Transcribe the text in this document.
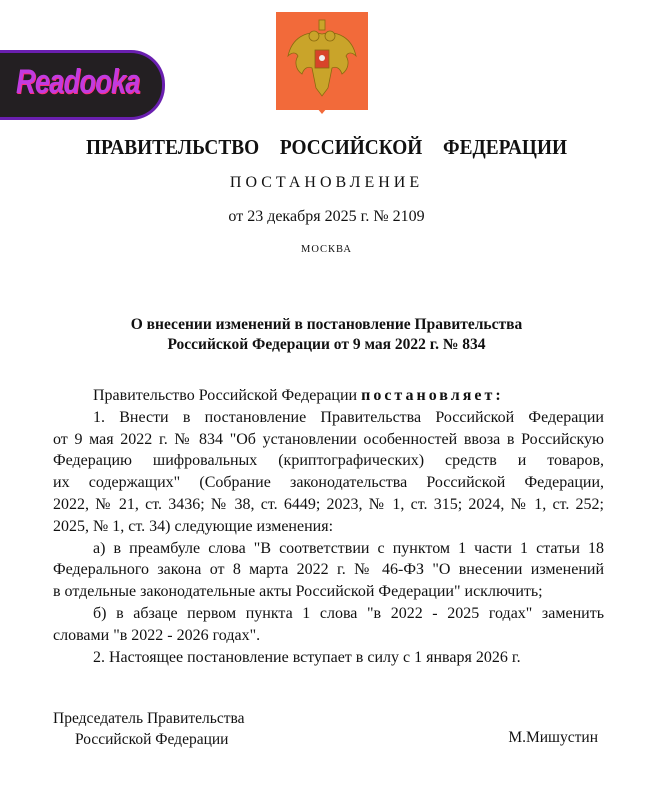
Readooka
ПРАВИТЕЛЬСТВО  РОССИЙСКОЙ  ФЕДЕРАЦИИ
ПОСТАНОВЛЕНИЕ
от 23 декабря 2025 г. № 2109
МОСКВА
О внесении изменений в постановление Правительства
Российской Федерации от 9 мая 2022 г. № 834
Правительство Российской Федерации постановляет:
1. Внести в постановление Правительства Российской Федерации
от 9 мая 2022 г. № 834 "Об установлении особенностей ввоза в Российскую
Федерацию шифровальных (криптографических) средств и товаров,
их содержащих" (Собрание законодательства Российской Федерации,
2022, № 21, ст. 3436; № 38, ст. 6449; 2023, № 1, ст. 315; 2024, № 1, ст. 252;
2025, № 1, ст. 34) следующие изменения:
а) в преамбуле слова "В соответствии с пунктом 1 части 1 статьи 18
Федерального закона от 8 марта 2022 г. № 46-ФЗ "О внесении изменений
в отдельные законодательные акты Российской Федерации" исключить;
б) в абзаце первом пункта 1 слова "в 2022 - 2025 годах" заменить
словами "в 2022 - 2026 годах".
2. Настоящее постановление вступает в силу с 1 января 2026 г.
Председатель Правительства
Российской Федерации	М.Мишустин
